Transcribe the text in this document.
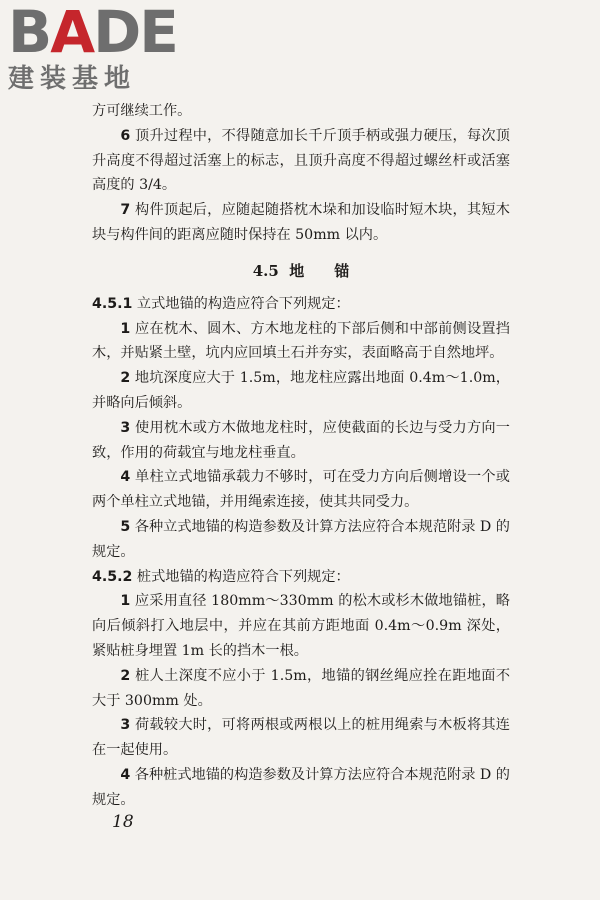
BADE
建装基地

方可继续工作。

6 顶升过程中，不得随意加长千斤顶手柄或强力硬压，每次顶升高度不得超过活塞上的标志，且顶升高度不得超过螺丝杆或活塞高度的 3/4。

7 构件顶起后，应随起随搭枕木垛和加设临时短木块，其短木块与构件间的距离应随时保持在 50mm 以内。

4.5 地 锚

4.5.1 立式地锚的构造应符合下列规定：

1 应在枕木、圆木、方木地龙柱的下部后侧和中部前侧设置挡木，并贴紧土壁，坑内应回填土石并夯实，表面略高于自然地坪。

2 地坑深度应大于 1.5m，地龙柱应露出地面 0.4m～1.0m，并略向后倾斜。

3 使用枕木或方木做地龙柱时，应使截面的长边与受力方向一致，作用的荷载宜与地龙柱垂直。

4 单柱立式地锚承载力不够时，可在受力方向后侧增设一个或两个单柱立式地锚，并用绳索连接，使其共同受力。

5 各种立式地锚的构造参数及计算方法应符合本规范附录 D 的规定。

4.5.2 桩式地锚的构造应符合下列规定：

1 应采用直径 180mm～330mm 的松木或杉木做地锚桩，略向后倾斜打入地层中，并应在其前方距地面 0.4m～0.9m 深处，紧贴桩身埋置 1m 长的挡木一根。

2 桩人土深度不应小于 1.5m，地锚的钢丝绳应拴在距地面不大于 300mm 处。

3 荷载较大时，可将两根或两根以上的桩用绳索与木板将其连在一起使用。

4 各种桩式地锚的构造参数及计算方法应符合本规范附录 D 的规定。

18
